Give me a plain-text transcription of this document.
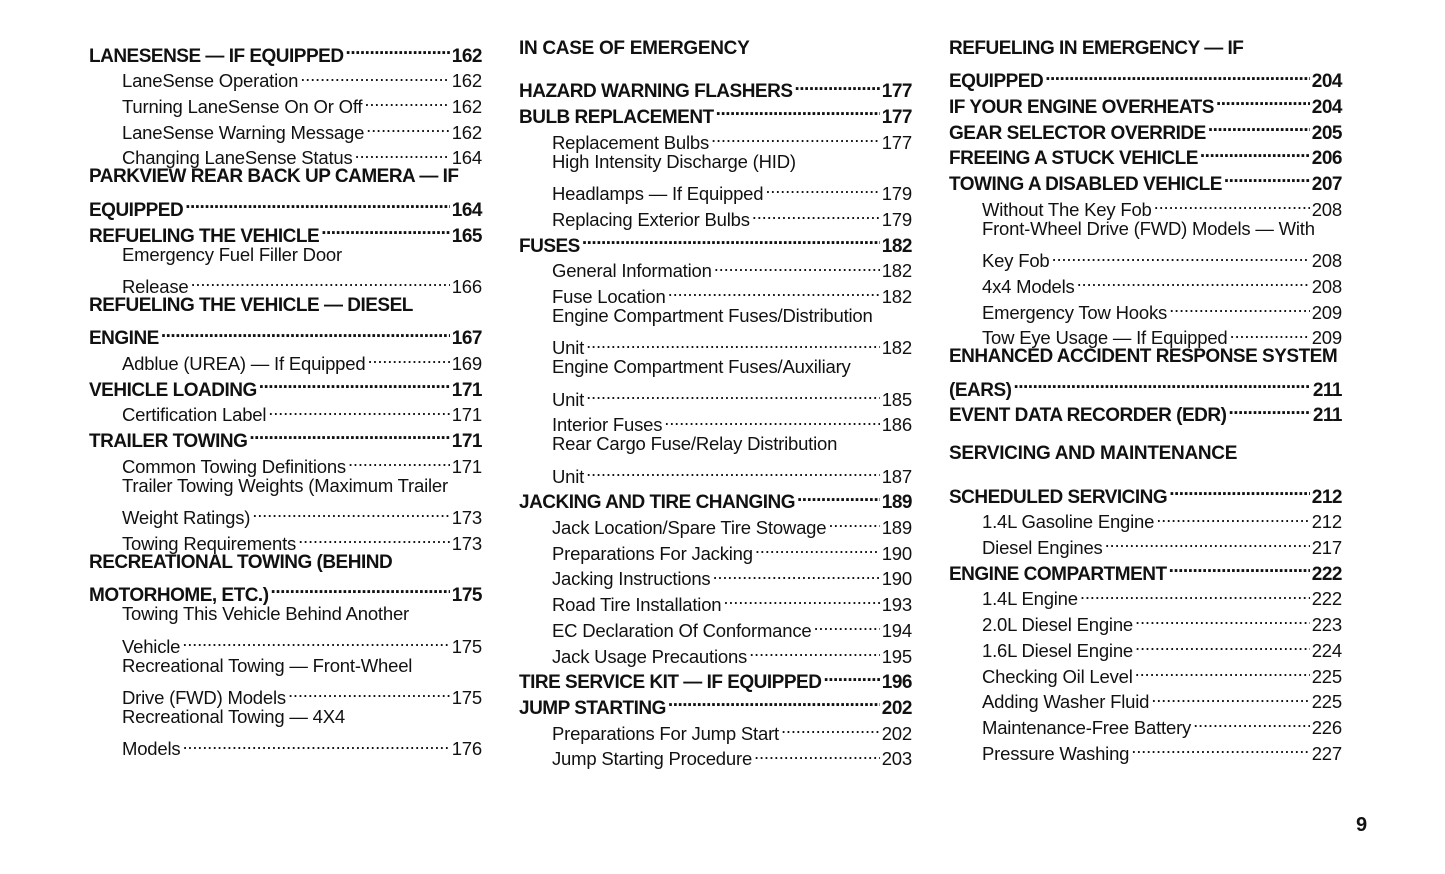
LANESENSE — IF EQUIPPED .....	162
LaneSense Operation .....	162
Turning LaneSense On Or Off .....	162
LaneSense Warning Message .....	162
Changing LaneSense Status .....	164
PARKVIEW REAR BACK UP CAMERA — IF
EQUIPPED .....	164
REFUELING THE VEHICLE .....	165
Emergency Fuel Filler Door
Release .....	166
REFUELING THE VEHICLE — DIESEL
ENGINE .....	167
Adblue (UREA) — If Equipped .....	169
VEHICLE LOADING .....	171
Certification Label .....	171
TRAILER TOWING .....	171
Common Towing Definitions .....	171
Trailer Towing Weights (Maximum Trailer
Weight Ratings) .....	173
Towing Requirements .....	173
RECREATIONAL TOWING (BEHIND
MOTORHOME, ETC.) .....	175
Towing This Vehicle Behind Another
Vehicle .....	175
Recreational Towing — Front-Wheel
Drive (FWD) Models .....	175
Recreational Towing — 4X4
Models .....	176
IN CASE OF EMERGENCY
HAZARD WARNING FLASHERS .....	177
BULB REPLACEMENT .....	177
Replacement Bulbs .....	177
High Intensity Discharge (HID)
Headlamps — If Equipped .....	179
Replacing Exterior Bulbs .....	179
FUSES .....	182
General Information .....	182
Fuse Location .....	182
Engine Compartment Fuses/Distribution
Unit .....	182
Engine Compartment Fuses/Auxiliary
Unit .....	185
Interior Fuses .....	186
Rear Cargo Fuse/Relay Distribution
Unit .....	187
JACKING AND TIRE CHANGING .....	189
Jack Location/Spare Tire Stowage .....	189
Preparations For Jacking .....	190
Jacking Instructions .....	190
Road Tire Installation .....	193
EC Declaration Of Conformance .....	194
Jack Usage Precautions .....	195
TIRE SERVICE KIT — IF EQUIPPED .....	196
JUMP STARTING .....	202
Preparations For Jump Start .....	202
Jump Starting Procedure .....	203
REFUELING IN EMERGENCY — IF
EQUIPPED .....	204
IF YOUR ENGINE OVERHEATS .....	204
GEAR SELECTOR OVERRIDE .....	205
FREEING A STUCK VEHICLE .....	206
TOWING A DISABLED VEHICLE .....	207
Without The Key Fob .....	208
Front-Wheel Drive (FWD) Models — With
Key Fob .....	208
4x4 Models .....	208
Emergency Tow Hooks .....	209
Tow Eye Usage — If Equipped .....	209
ENHANCED ACCIDENT RESPONSE SYSTEM
(EARS) .....	211
EVENT DATA RECORDER (EDR) .....	211
SERVICING AND MAINTENANCE
SCHEDULED SERVICING .....	212
1.4L Gasoline Engine .....	212
Diesel Engines .....	217
ENGINE COMPARTMENT .....	222
1.4L Engine .....	222
2.0L Diesel Engine .....	223
1.6L Diesel Engine .....	224
Checking Oil Level .....	225
Adding Washer Fluid .....	225
Maintenance-Free Battery .....	226
Pressure Washing .....	227
9
